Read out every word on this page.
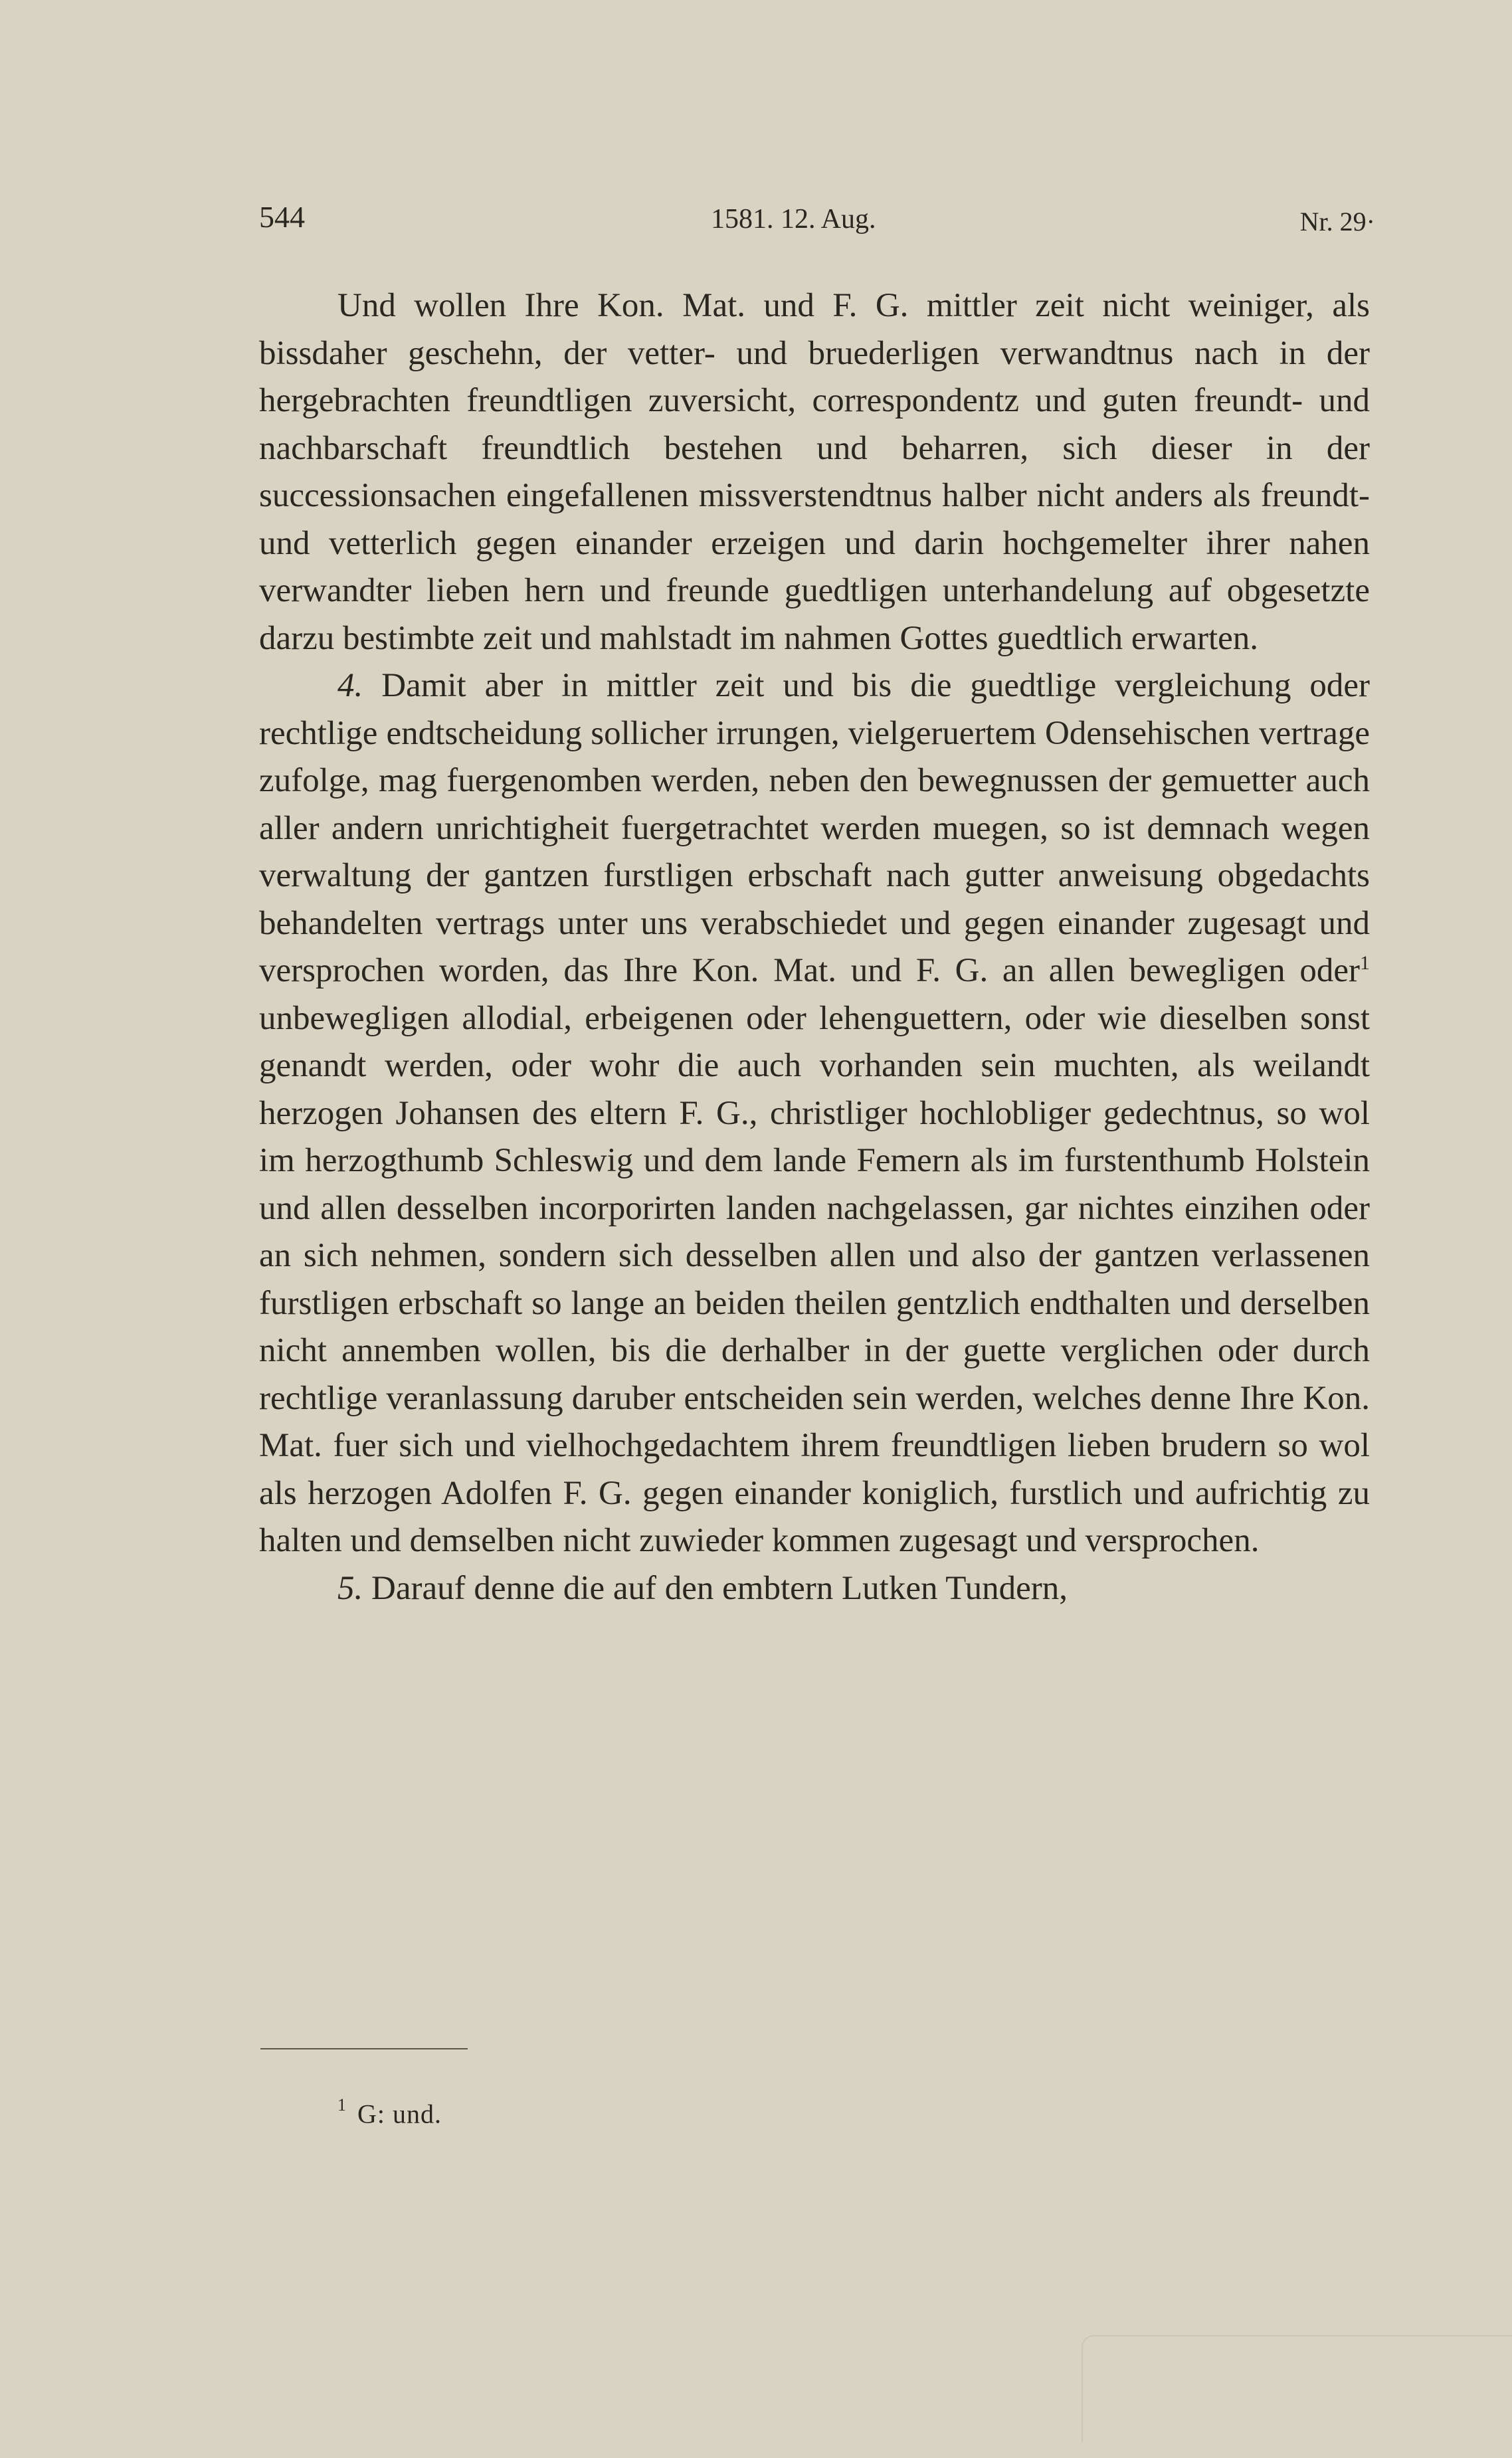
544	1581. 12. Aug.	Nr. 29·

Und wollen Ihre Kon. Mat. und F. G. mittler zeit nicht weiniger, als bissdaher geschehn, der vetter- und bruederligen verwandtnus nach in der hergebrachten freundtligen zuversicht, correspondentz und guten freundt- und nachbarschaft freundtlich bestehen und beharren, sich dieser in der successionsachen eingefallenen missverstendtnus halber nicht anders als freundt- und vetterlich gegen einander erzeigen und darin hochgemelter ihrer nahen verwandter lieben hern und freunde guedtligen unterhandelung auf obgesetzte darzu bestimbte zeit und mahlstadt im nahmen Gottes guedtlich erwarten.

4. Damit aber in mittler zeit und bis die guedtlige vergleichung oder rechtlige endtscheidung sollicher irrungen, vielgeruertem Odensehischen vertrage zufolge, mag fuergenomben werden, neben den bewegnussen der gemuetter auch aller andern unrichtigheit fuergetrachtet werden muegen, so ist demnach wegen verwaltung der gantzen furstligen erbschaft nach gutter anweisung obgedachts behandelten vertrags unter uns verabschiedet und gegen einander zugesagt und versprochen worden, das Ihre Kon. Mat. und F. G. an allen bewegligen oder$^1$ unbewegligen allodial, erbeigenen oder lehenguettern, oder wie dieselben sonst genandt werden, oder wohr die auch vorhanden sein muchten, als weilandt herzogen Johansen des eltern F. G., christliger hochlobliger gedechtnus, so wol im herzogthumb Schleswig und dem lande Femern als im furstenthumb Holstein und allen desselben incorporirten landen nachgelassen, gar nichtes einzihen oder an sich nehmen, sondern sich desselben allen und also der gantzen verlassenen furstligen erbschaft so lange an beiden theilen gentzlich endthalten und derselben nicht annemben wollen, bis die derhalber in der guette verglichen oder durch rechtlige veranlassung daruber entscheiden sein werden, welches denne Ihre Kon. Mat. fuer sich und vielhochgedachtem ihrem freundtligen lieben brudern so wol als herzogen Adolfen F. G. gegen einander koniglich, furstlich und aufrichtig zu halten und demselben nicht zuwieder kommen zugesagt und versprochen.

5. Darauf denne die auf den embtern Lutken Tundern,

$^1$ G: und.
